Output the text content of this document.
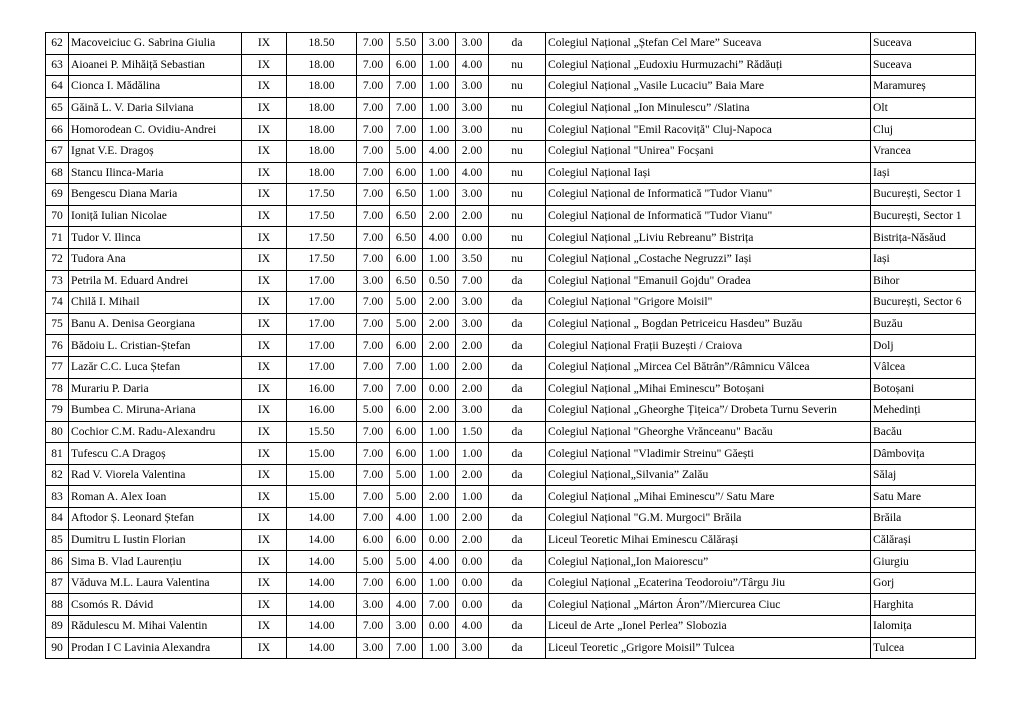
62	Macoveiciuc G. Sabrina Giulia	IX	18.50	7.00	5.50	3.00	3.00	da	Colegiul Național „Ștefan Cel Mare” Suceava	Suceava
63	Aioanei P. Mihăiță Sebastian	IX	18.00	7.00	6.00	1.00	4.00	nu	Colegiul Național „Eudoxiu Hurmuzachi” Rădăuți	Suceava
64	Cionca I. Mădălina	IX	18.00	7.00	7.00	1.00	3.00	nu	Colegiul Național „Vasile Lucaciu” Baia Mare	Maramureș
65	Găină L. V. Daria Silviana	IX	18.00	7.00	7.00	1.00	3.00	nu	Colegiul Național „Ion Minulescu” /Slatina	Olt
66	Homorodean C. Ovidiu-Andrei	IX	18.00	7.00	7.00	1.00	3.00	nu	Colegiul Național "Emil Racoviță" Cluj-Napoca	Cluj
67	Ignat V.E. Dragoș	IX	18.00	7.00	5.00	4.00	2.00	nu	Colegiul Național "Unirea" Focșani	Vrancea
68	Stancu Ilinca-Maria	IX	18.00	7.00	6.00	1.00	4.00	nu	Colegiul Național Iași	Iași
69	Bengescu Diana Maria	IX	17.50	7.00	6.50	1.00	3.00	nu	Colegiul Național de Informatică "Tudor Vianu"	București, Sector 1
70	Ioniță Iulian Nicolae	IX	17.50	7.00	6.50	2.00	2.00	nu	Colegiul Național de Informatică "Tudor Vianu"	București, Sector 1
71	Tudor V. Ilinca	IX	17.50	7.00	6.50	4.00	0.00	nu	Colegiul Național „Liviu Rebreanu” Bistrița	Bistrița-Năsăud
72	Tudora Ana	IX	17.50	7.00	6.00	1.00	3.50	nu	Colegiul Național „Costache Negruzzi” Iași	Iași
73	Petrila M. Eduard Andrei	IX	17.00	3.00	6.50	0.50	7.00	da	Colegiul Național "Emanuil Gojdu" Oradea	Bihor
74	Chilă I. Mihail	IX	17.00	7.00	5.00	2.00	3.00	da	Colegiul Național "Grigore Moisil"	București, Sector 6
75	Banu A. Denisa Georgiana	IX	17.00	7.00	5.00	2.00	3.00	da	Colegiul Național „ Bogdan Petriceicu Hasdeu” Buzău	Buzău
76	Bădoiu L. Cristian-Ștefan	IX	17.00	7.00	6.00	2.00	2.00	da	Colegiul Național Frații Buzești / Craiova	Dolj
77	Lazăr C.C. Luca Ștefan	IX	17.00	7.00	7.00	1.00	2.00	da	Colegiul Național „Mircea Cel Bătrân”/Râmnicu Vâlcea	Vâlcea
78	Murariu P. Daria	IX	16.00	7.00	7.00	0.00	2.00	da	Colegiul Național „Mihai Eminescu” Botoșani	Botoșani
79	Bumbea C. Miruna-Ariana	IX	16.00	5.00	6.00	2.00	3.00	da	Colegiul Național „Gheorghe Țițeica”/ Drobeta Turnu Severin	Mehedinți
80	Cochior C.M. Radu-Alexandru	IX	15.50	7.00	6.00	1.00	1.50	da	Colegiul Național "Gheorghe Vrănceanu" Bacău	Bacău
81	Tufescu C.A Dragoș	IX	15.00	7.00	6.00	1.00	1.00	da	Colegiul Național "Vladimir Streinu" Găești	Dâmbovița
82	Rad V. Viorela Valentina	IX	15.00	7.00	5.00	1.00	2.00	da	Colegiul Național„Silvania” Zalău	Sălaj
83	Roman A. Alex Ioan	IX	15.00	7.00	5.00	2.00	1.00	da	Colegiul Național „Mihai Eminescu”/ Satu Mare	Satu Mare
84	Aftodor Ș. Leonard Ștefan	IX	14.00	7.00	4.00	1.00	2.00	da	Colegiul Național "G.M. Murgoci" Brăila	Brăila
85	Dumitru L Iustin Florian	IX	14.00	6.00	6.00	0.00	2.00	da	Liceul Teoretic Mihai Eminescu Călărași	Călărași
86	Sima B. Vlad Laurențiu	IX	14.00	5.00	5.00	4.00	0.00	da	Colegiul Național„Ion Maiorescu”	Giurgiu
87	Văduva M.L. Laura Valentina	IX	14.00	7.00	6.00	1.00	0.00	da	Colegiul Național „Ecaterina Teodoroiu”/Târgu Jiu	Gorj
88	Csomós R. Dávid	IX	14.00	3.00	4.00	7.00	0.00	da	Colegiul Național „Márton Áron”/Miercurea Ciuc	Harghita
89	Rădulescu M. Mihai Valentin	IX	14.00	7.00	3.00	0.00	4.00	da	Liceul de Arte „Ionel Perlea” Slobozia	Ialomița
90	Prodan I C Lavinia Alexandra	IX	14.00	3.00	7.00	1.00	3.00	da	Liceul Teoretic „Grigore Moisil” Tulcea	Tulcea
